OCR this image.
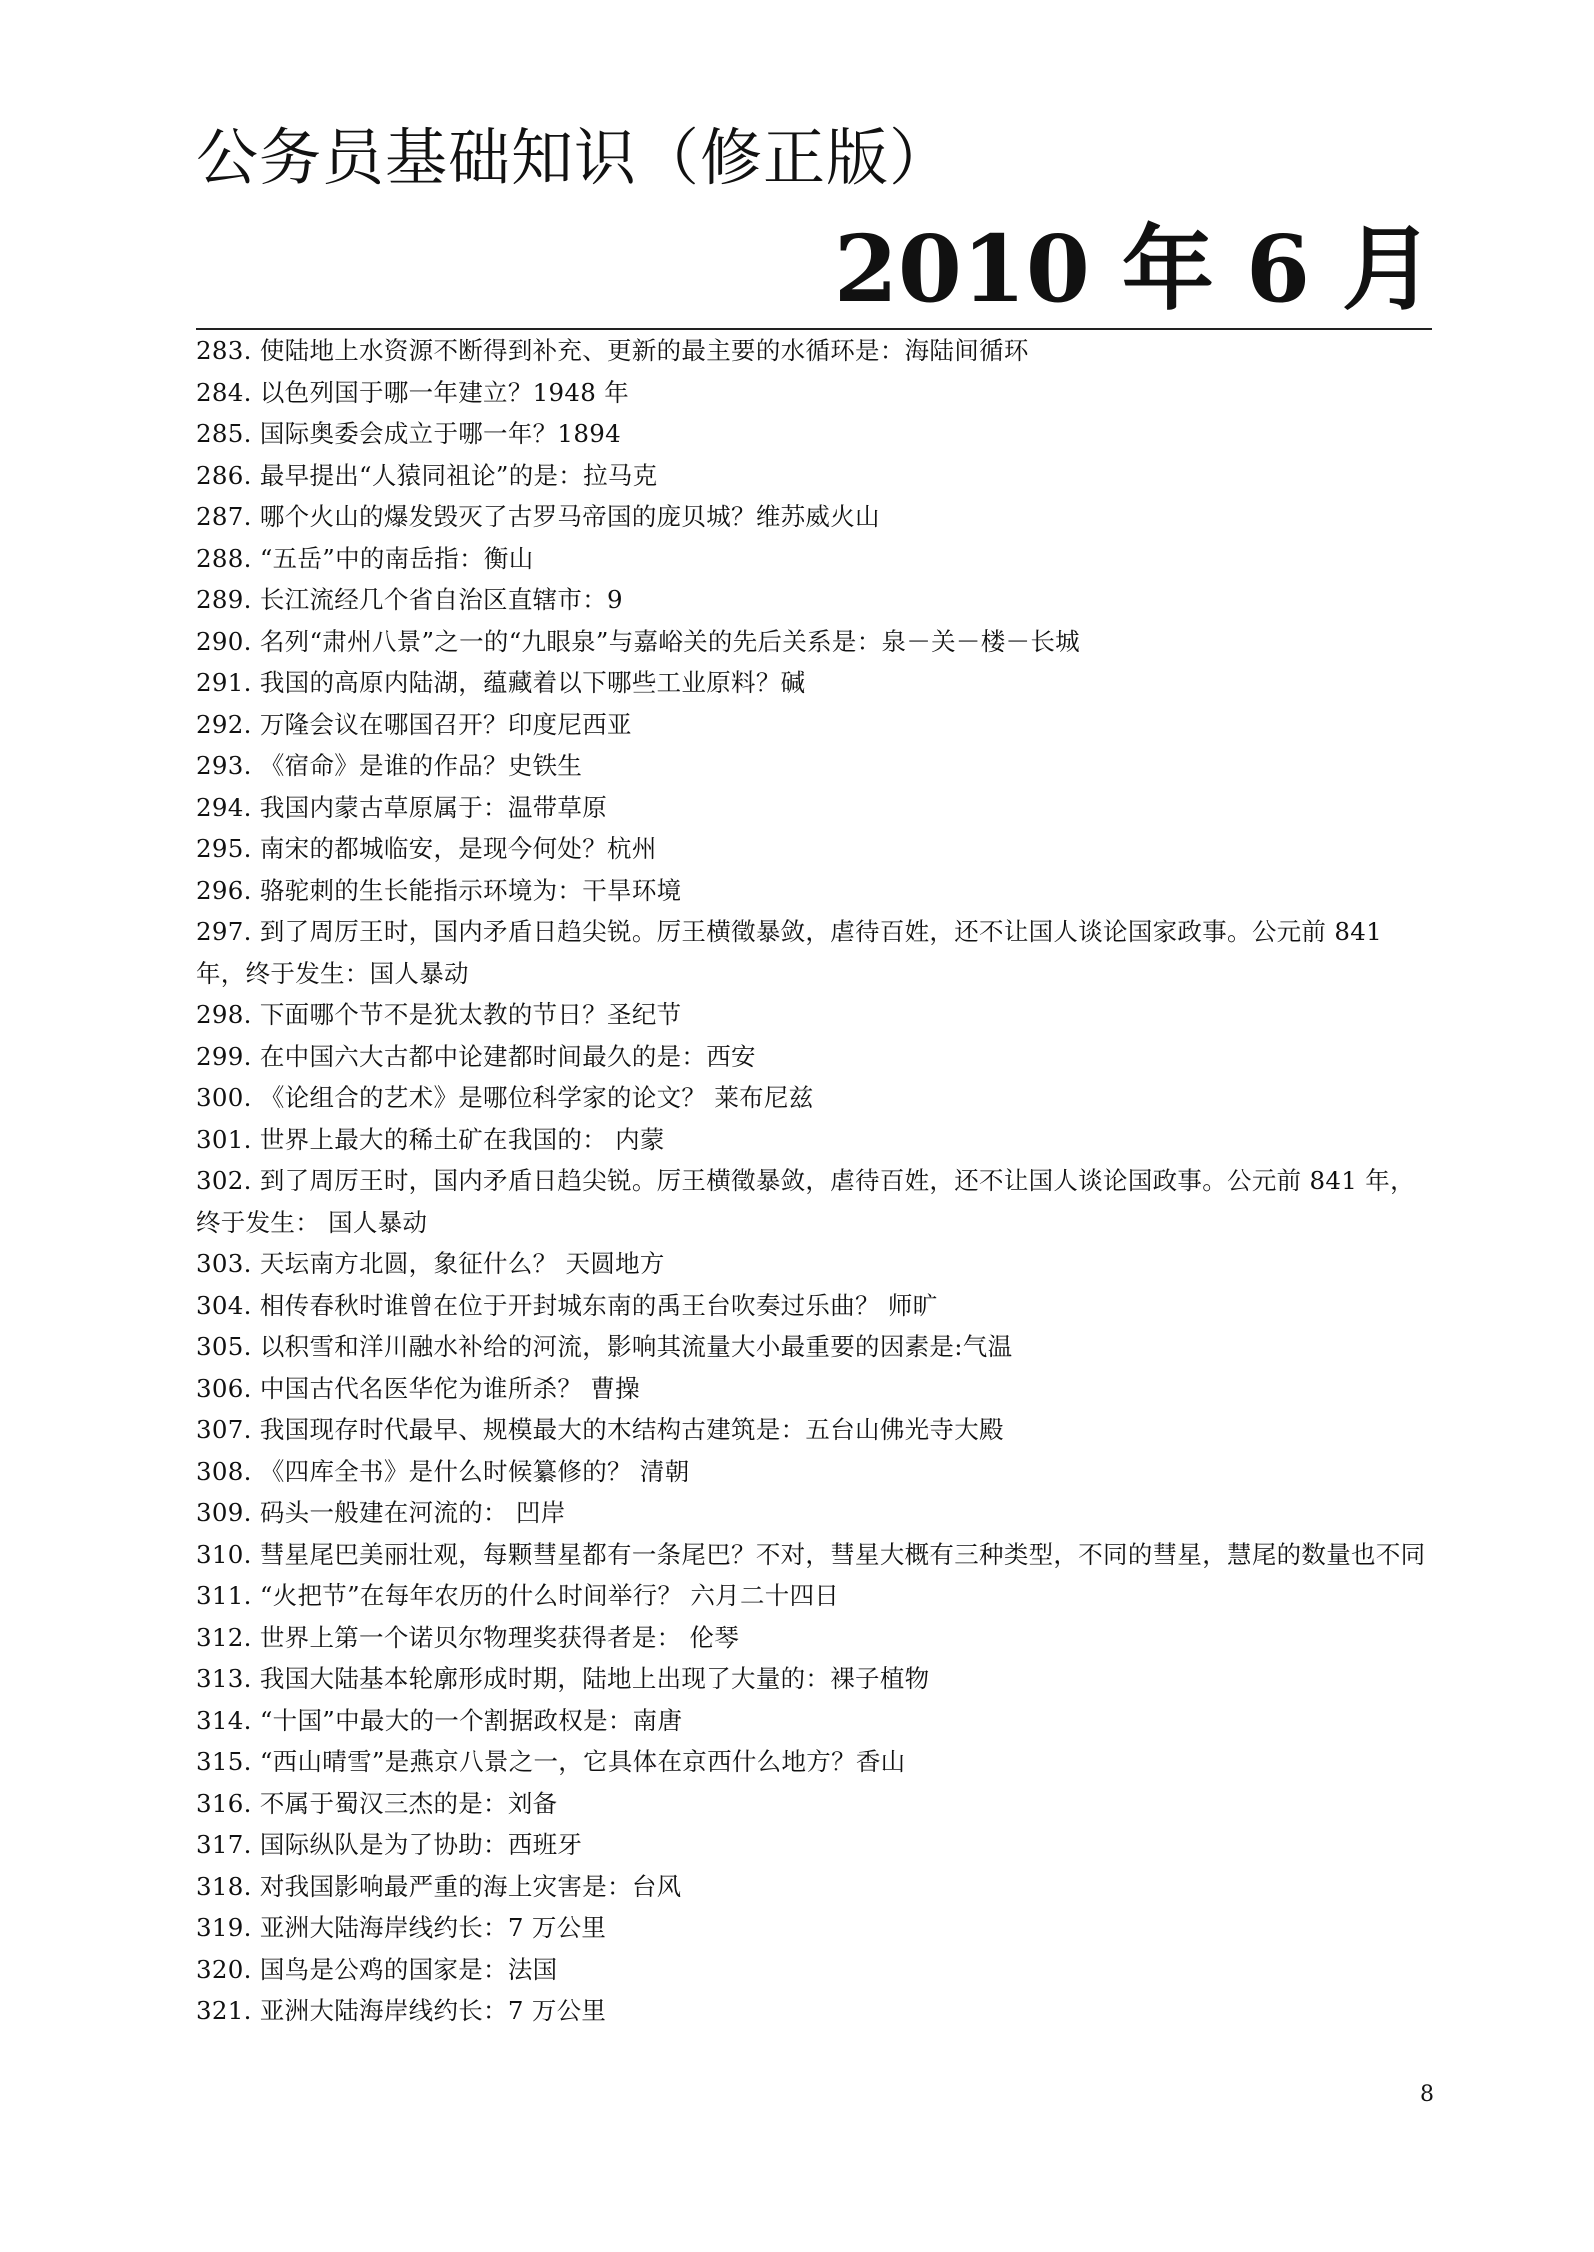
公务员基础知识（修正版）
2010 年 6 月
283. 使陆地上水资源不断得到补充、更新的最主要的水循环是：海陆间循环
284. 以色列国于哪一年建立？1948 年
285. 国际奥委会成立于哪一年？1894
286. 最早提出“人猿同祖论”的是：拉马克
287. 哪个火山的爆发毁灭了古罗马帝国的庞贝城？维苏威火山
288. “五岳”中的南岳指：衡山
289. 长江流经几个省自治区直辖市：9
290. 名列“肃州八景”之一的“九眼泉”与嘉峪关的先后关系是：泉－关－楼－长城
291. 我国的高原内陆湖，蕴藏着以下哪些工业原料？碱
292. 万隆会议在哪国召开？印度尼西亚
293. 《宿命》是谁的作品？史铁生
294. 我国内蒙古草原属于：温带草原
295. 南宋的都城临安，是现今何处？杭州
296. 骆驼刺的生长能指示环境为：干旱环境
297. 到了周厉王时，国内矛盾日趋尖锐。厉王横徵暴敛，虐待百姓，还不让国人谈论国家政事。公元前 841 年，终于发生：国人暴动
298. 下面哪个节不是犹太教的节日？圣纪节
299. 在中国六大古都中论建都时间最久的是：西安
300. 《论组合的艺术》是哪位科学家的论文？ 莱布尼兹
301. 世界上最大的稀土矿在我国的： 内蒙
302. 到了周厉王时，国内矛盾日趋尖锐。厉王横徵暴敛，虐待百姓，还不让国人谈论国政事。公元前 841 年，终于发生： 国人暴动
303. 天坛南方北圆，象征什么？ 天圆地方
304. 相传春秋时谁曾在位于开封城东南的禹王台吹奏过乐曲？ 师旷
305. 以积雪和洋川融水补给的河流，影响其流量大小最重要的因素是:气温
306. 中国古代名医华佗为谁所杀？ 曹操
307. 我国现存时代最早、规模最大的木结构古建筑是：五台山佛光寺大殿
308. 《四库全书》是什么时候纂修的？ 清朝
309. 码头一般建在河流的： 凹岸
310. 彗星尾巴美丽壮观，每颗彗星都有一条尾巴？不对，彗星大概有三种类型，不同的彗星，慧尾的数量也不同
311. “火把节”在每年农历的什么时间举行？ 六月二十四日
312. 世界上第一个诺贝尔物理奖获得者是： 伦琴
313. 我国大陆基本轮廓形成时期，陆地上出现了大量的：裸子植物
314. “十国”中最大的一个割据政权是：南唐
315. “西山晴雪”是燕京八景之一，它具体在京西什么地方？香山
316. 不属于蜀汉三杰的是：刘备
317. 国际纵队是为了协助：西班牙
318. 对我国影响最严重的海上灾害是：台风
319. 亚洲大陆海岸线约长：7 万公里
320. 国鸟是公鸡的国家是：法国
321. 亚洲大陆海岸线约长：7 万公里
8
